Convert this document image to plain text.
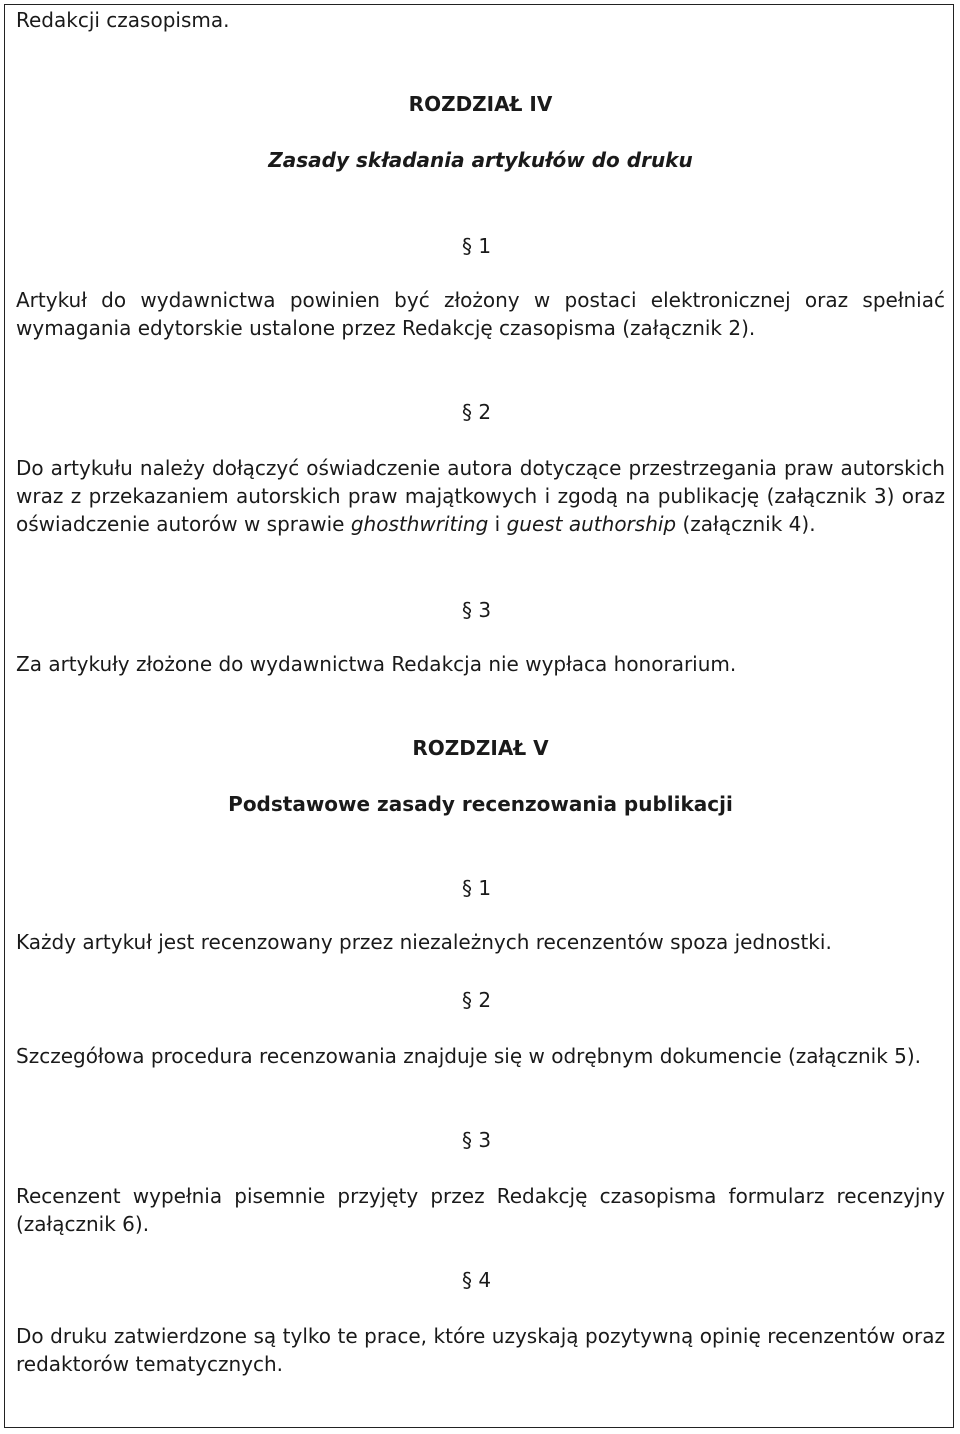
Redakcji czasopisma.

ROZDZIAŁ IV

Zasady składania artykułów do druku

§ 1

Artykuł do wydawnictwa powinien być złożony w postaci elektronicznej oraz spełniać wymagania edytorskie ustalone przez Redakcję czasopisma (załącznik 2).

§ 2

Do artykułu należy dołączyć oświadczenie autora dotyczące przestrzegania praw autorskich wraz z przekazaniem autorskich praw majątkowych i zgodą na publikację (załącznik 3) oraz oświadczenie autorów w sprawie ghosthwriting i guest authorship (załącznik 4).

§ 3

Za artykuły złożone do wydawnictwa Redakcja nie wypłaca honorarium.

ROZDZIAŁ V

Podstawowe zasady recenzowania publikacji

§ 1

Każdy artykuł jest recenzowany przez niezależnych recenzentów spoza jednostki.

§ 2

Szczegółowa procedura recenzowania znajduje się w odrębnym dokumencie (załącznik 5).

§ 3

Recenzent wypełnia pisemnie przyjęty przez Redakcję czasopisma formularz recenzyjny (załącznik 6).

§ 4

Do druku zatwierdzone są tylko te prace, które uzyskają pozytywną opinię recenzentów oraz redaktorów tematycznych.
